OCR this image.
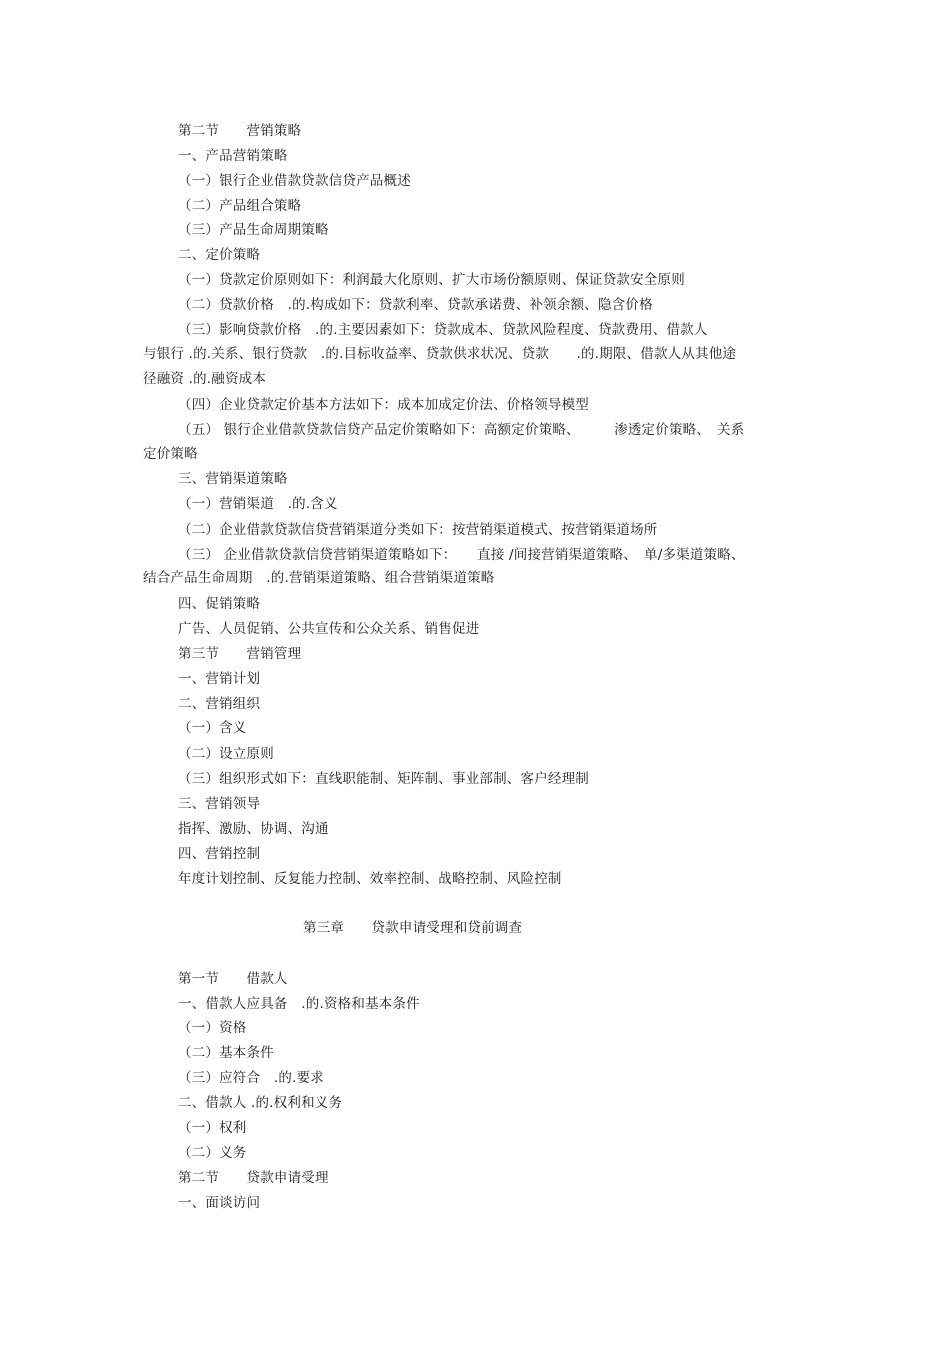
第二节　　营销策略
一、产品营销策略
（一）银行企业借款贷款信贷产品概述
（二）产品组合策略
（三）产品生命周期策略
二、定价策略
（一）贷款定价原则如下：利润最大化原则、扩大市场份额原则、保证贷款安全原则
（二）贷款价格　.的.构成如下：贷款利率、贷款承诺费、补领余额、隐含价格
（三）影响贷款价格　.的.主要因素如下：贷款成本、贷款风险程度、贷款费用、借款人
与银行 .的.关系、银行贷款　.的.目标收益率、贷款供求状况、贷款　　.的.期限、借款人从其他途
径融资 .的.融资成本
（四）企业贷款定价基本方法如下：成本加成定价法、价格领导模型
（五） 银行企业借款贷款信贷产品定价策略如下：高额定价策略、　　　渗透定价策略、　关系
定价策略
三、营销渠道策略
（一）营销渠道　.的.含义
（二）企业借款贷款信贷营销渠道分类如下：按营销渠道模式、按营销渠道场所
（三） 企业借款贷款信贷营销渠道策略如下：　　直接 /间接营销渠道策略、　单/多渠道策略、
结合产品生命周期　.的.营销渠道策略、组合营销渠道策略
四、促销策略
广告、人员促销、公共宣传和公众关系、销售促进
第三节　　营销管理
一、营销计划
二、营销组织
（一）含义
（二）设立原则
（三）组织形式如下：直线职能制、矩阵制、事业部制、客户经理制
三、营销领导
指挥、激励、协调、沟通
四、营销控制
年度计划控制、反复能力控制、效率控制、战略控制、风险控制
第三章　　贷款申请受理和贷前调查
第一节　　借款人
一、借款人应具备　.的.资格和基本条件
（一）资格
（二）基本条件
（三）应符合　.的.要求
二、借款人 .的.权利和义务
（一）权利
（二）义务
第二节　　贷款申请受理
一、面谈访问
